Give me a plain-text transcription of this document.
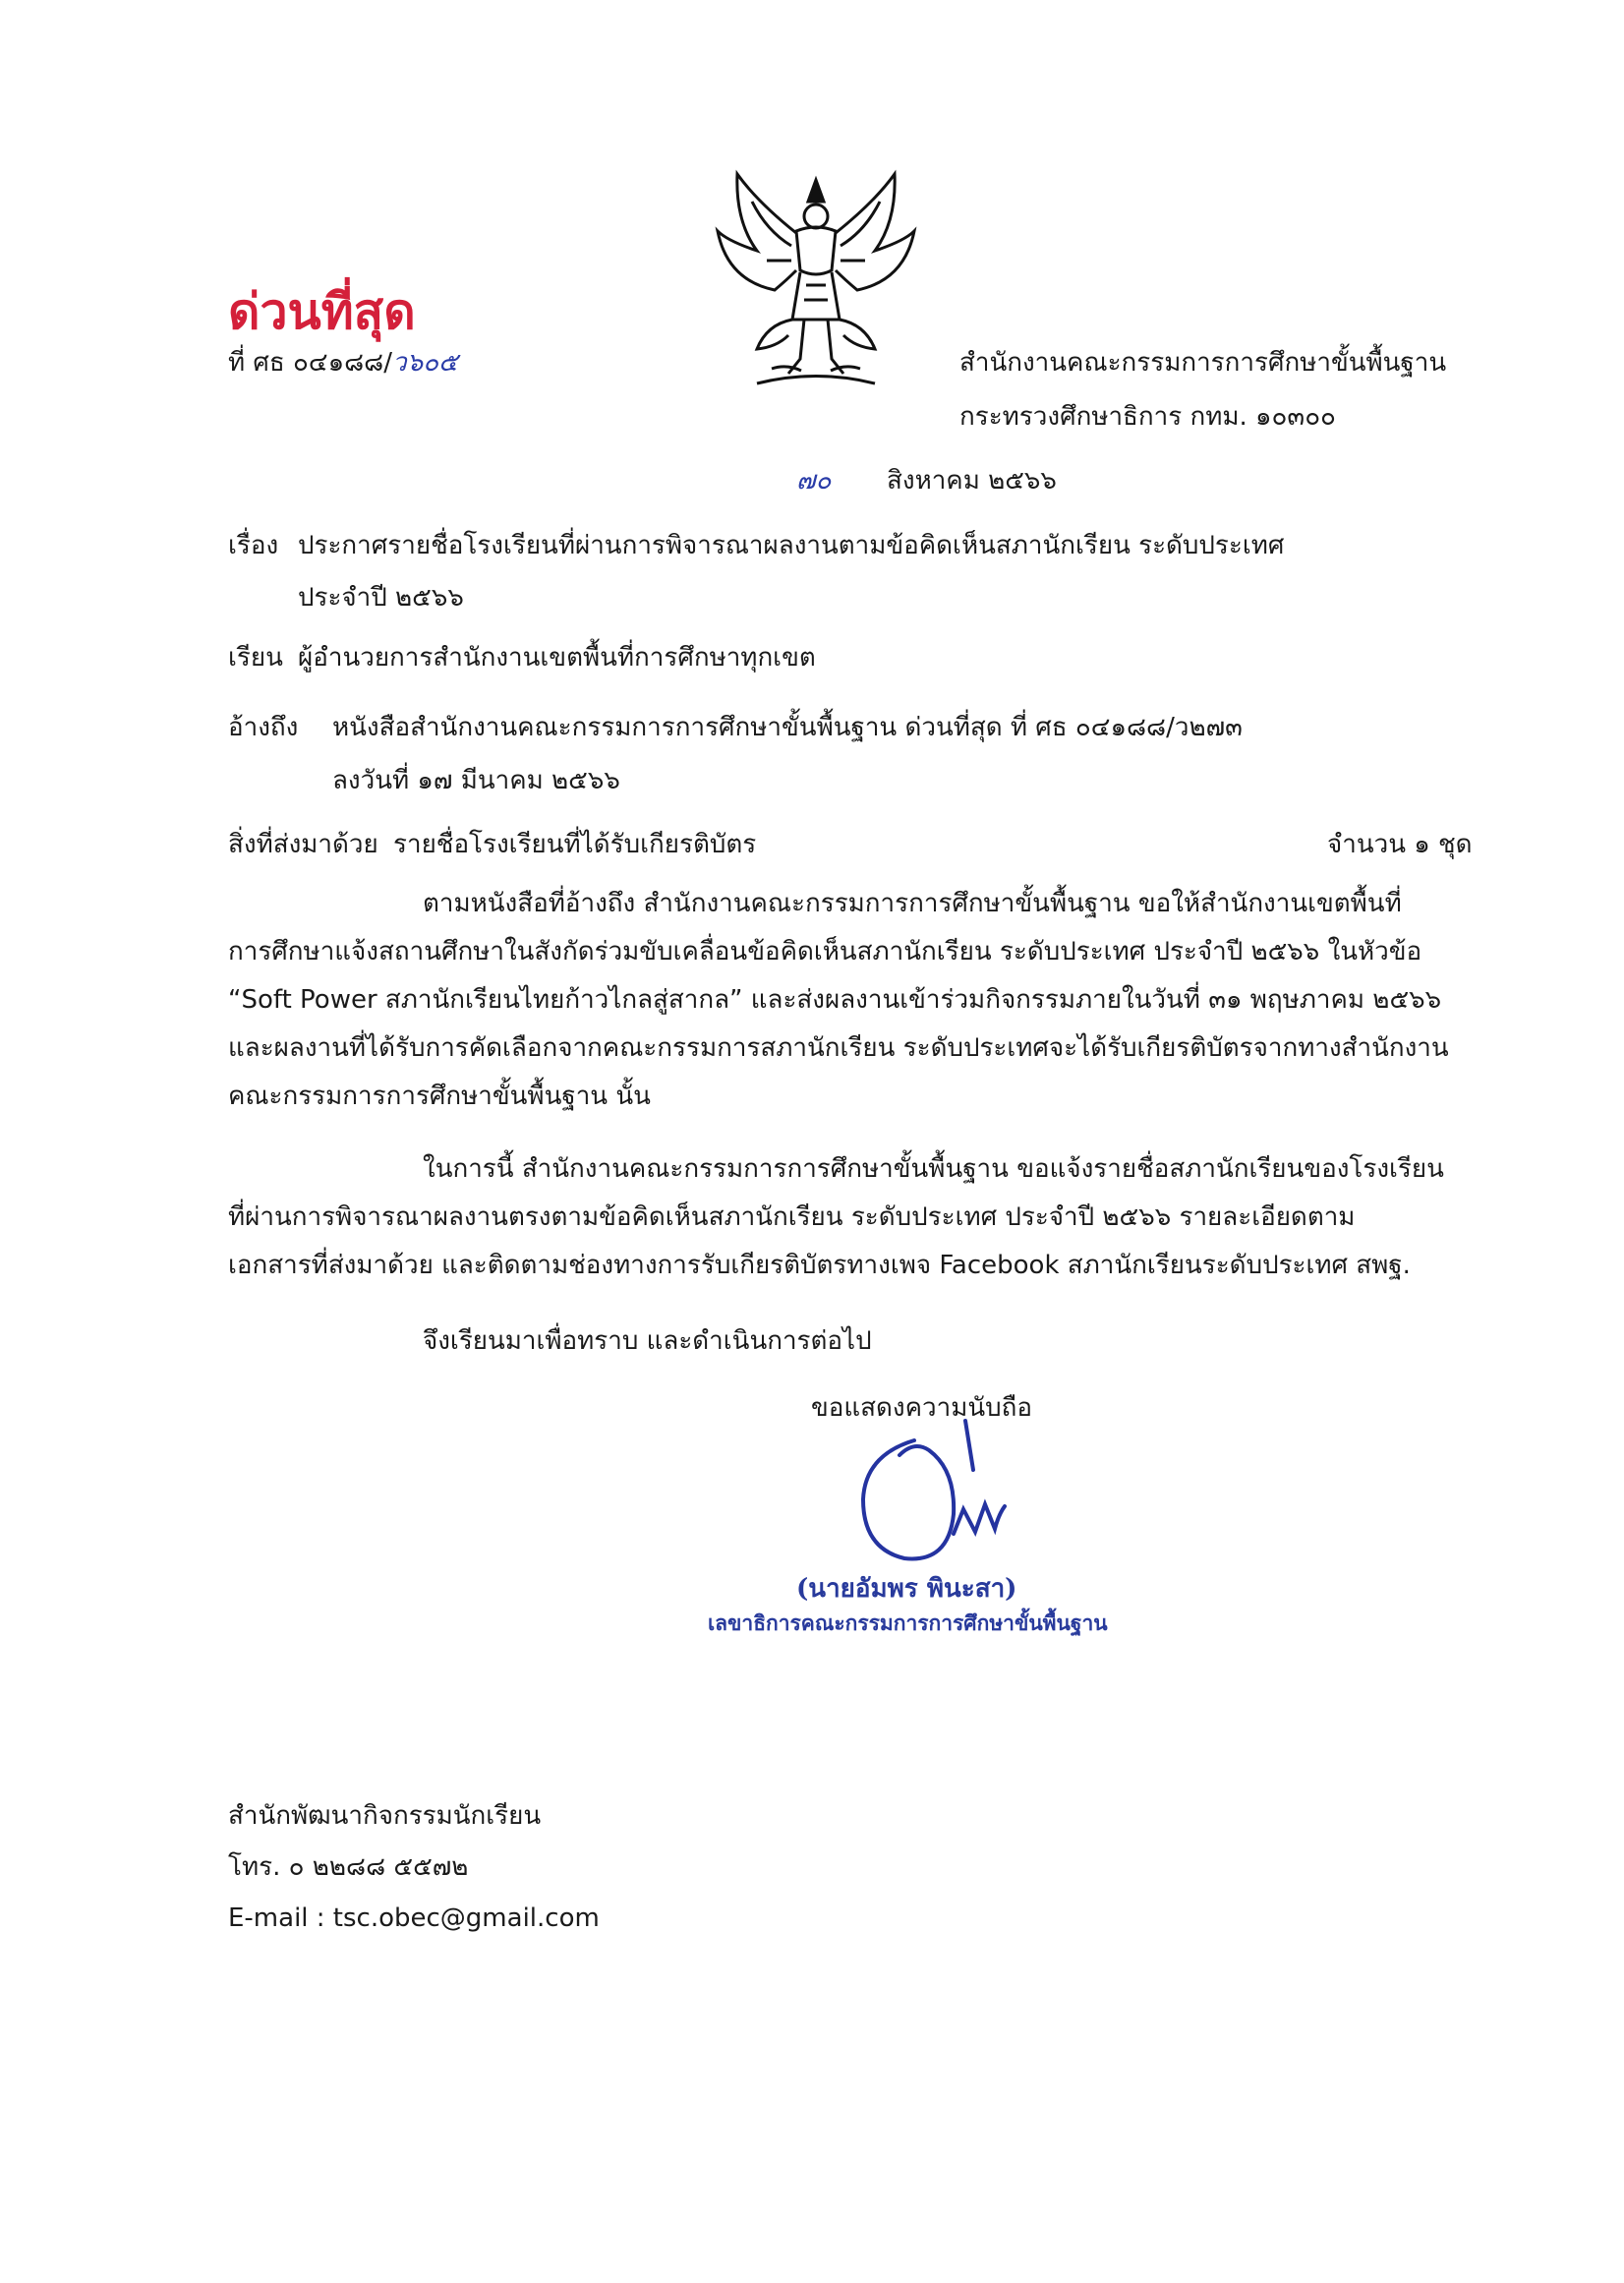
ด่วนที่สุด
ที่ ศธ ๐๔๑๘๘/ว๖๐๕	สำนักงานคณะกรรมการการศึกษาขั้นพื้นฐาน
กระทรวงศึกษาธิการ กทม. ๑๐๓๐๐
๗๐ สิงหาคม ๒๕๖๖
เรื่อง ประกาศรายชื่อโรงเรียนที่ผ่านการพิจารณาผลงานตามข้อคิดเห็นสภานักเรียน ระดับประเทศ
ประจำปี ๒๕๖๖
เรียน ผู้อำนวยการสำนักงานเขตพื้นที่การศึกษาทุกเขต
อ้างถึง หนังสือสำนักงานคณะกรรมการการศึกษาขั้นพื้นฐาน ด่วนที่สุด ที่ ศธ ๐๔๑๘๘/ว๒๗๓
ลงวันที่ ๑๗ มีนาคม ๒๕๖๖
สิ่งที่ส่งมาด้วย รายชื่อโรงเรียนที่ได้รับเกียรติบัตร	จำนวน ๑ ชุด
ตามหนังสือที่อ้างถึง สำนักงานคณะกรรมการการศึกษาขั้นพื้นฐาน ขอให้สำนักงานเขตพื้นที่
การศึกษาแจ้งสถานศึกษาในสังกัดร่วมขับเคลื่อนข้อคิดเห็นสภานักเรียน ระดับประเทศ ประจำปี ๒๕๖๖ ในหัวข้อ
“Soft Power สภานักเรียนไทยก้าวไกลสู่สากล” และส่งผลงานเข้าร่วมกิจกรรมภายในวันที่ ๓๑ พฤษภาคม ๒๕๖๖
และผลงานที่ได้รับการคัดเลือกจากคณะกรรมการสภานักเรียน ระดับประเทศจะได้รับเกียรติบัตรจากทางสำนักงาน
คณะกรรมการการศึกษาขั้นพื้นฐาน นั้น
ในการนี้ สำนักงานคณะกรรมการการศึกษาขั้นพื้นฐาน ขอแจ้งรายชื่อสภานักเรียนของโรงเรียน
ที่ผ่านการพิจารณาผลงานตรงตามข้อคิดเห็นสภานักเรียน ระดับประเทศ ประจำปี ๒๕๖๖ รายละเอียดตาม
เอกสารที่ส่งมาด้วย และติดตามช่องทางการรับเกียรติบัตรทางเพจ Facebook สภานักเรียนระดับประเทศ สพฐ.
จึงเรียนมาเพื่อทราบ และดำเนินการต่อไป
ขอแสดงความนับถือ
(นายอัมพร พินะสา)
เลขาธิการคณะกรรมการการศึกษาขั้นพื้นฐาน
สำนักพัฒนากิจกรรมนักเรียน
โทร. ๐ ๒๒๘๘ ๕๕๗๒
E-mail : tsc.obec@gmail.com
